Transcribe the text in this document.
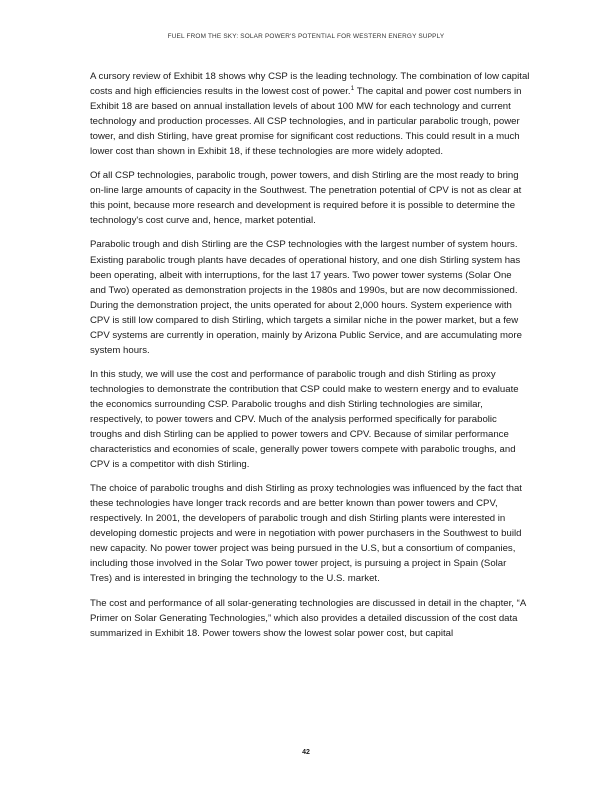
FUEL FROM THE SKY: SOLAR POWER'S POTENTIAL FOR WESTERN ENERGY SUPPLY

A cursory review of Exhibit 18 shows why CSP is the leading technology. The combination of low capital costs and high efficiencies results in the lowest cost of power.$^1$ The capital and power cost numbers in Exhibit 18 are based on annual installation levels of about 100 MW for each technology and current technology and production processes. All CSP technologies, and in particular parabolic trough, power tower, and dish Stirling, have great promise for significant cost reductions. This could result in a much lower cost than shown in Exhibit 18, if these technologies are more widely adopted.

Of all CSP technologies, parabolic trough, power towers, and dish Stirling are the most ready to bring on-line large amounts of capacity in the Southwest. The penetration potential of CPV is not as clear at this point, because more research and development is required before it is possible to determine the technology's cost curve and, hence, market potential.

Parabolic trough and dish Stirling are the CSP technologies with the largest number of system hours. Existing parabolic trough plants have decades of operational history, and one dish Stirling system has been operating, albeit with interruptions, for the last 17 years. Two power tower systems (Solar One and Two) operated as demonstration projects in the 1980s and 1990s, but are now decommissioned. During the demonstration project, the units operated for about 2,000 hours. System experience with CPV is still low compared to dish Stirling, which targets a similar niche in the power market, but a few CPV systems are currently in operation, mainly by Arizona Public Service, and are accumulating more system hours.

In this study, we will use the cost and performance of parabolic trough and dish Stirling as proxy technologies to demonstrate the contribution that CSP could make to western energy and to evaluate the economics surrounding CSP. Parabolic troughs and dish Stirling technologies are similar, respectively, to power towers and CPV. Much of the analysis performed specifically for parabolic troughs and dish Stirling can be applied to power towers and CPV. Because of similar performance characteristics and economies of scale, generally power towers compete with parabolic troughs, and CPV is a competitor with dish Stirling.

The choice of parabolic troughs and dish Stirling as proxy technologies was influenced by the fact that these technologies have longer track records and are better known than power towers and CPV, respectively. In 2001, the developers of parabolic trough and dish Stirling plants were interested in developing domestic projects and were in negotiation with power purchasers in the Southwest to build new capacity. No power tower project was being pursued in the U.S, but a consortium of companies, including those involved in the Solar Two power tower project, is pursuing a project in Spain (Solar Tres) and is interested in bringing the technology to the U.S. market.

The cost and performance of all solar-generating technologies are discussed in detail in the chapter, “A Primer on Solar Generating Technologies,” which also provides a detailed discussion of the cost data summarized in Exhibit 18. Power towers show the lowest solar power cost, but capital

42
